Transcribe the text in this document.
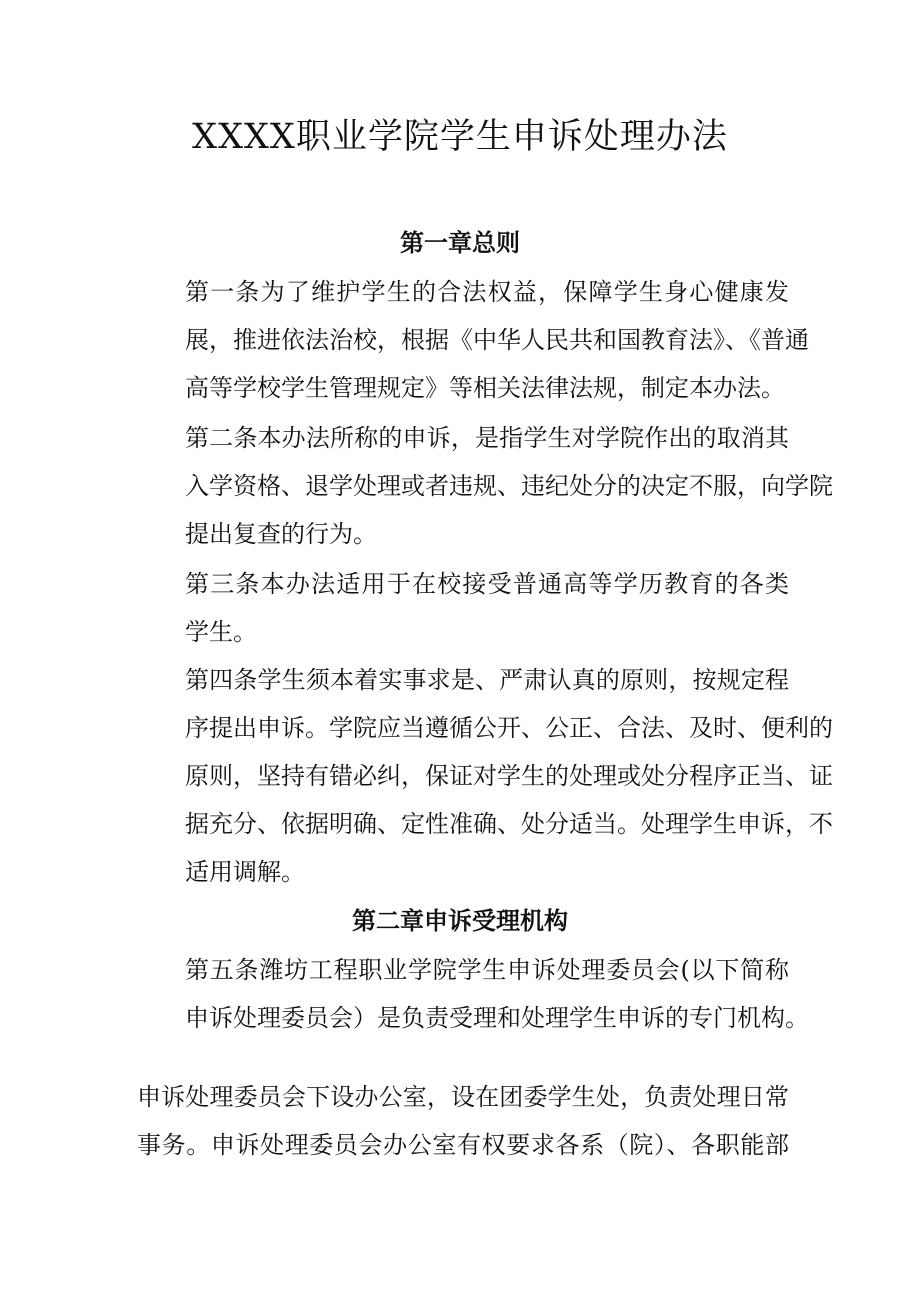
XXXX职业学院学生申诉处理办法
第一章总则
第一条为了维护学生的合法权益，保障学生身心健康发
展，推进依法治校，根据《中华人民共和国教育法》、《普通
高等学校学生管理规定》等相关法律法规，制定本办法。
第二条本办法所称的申诉，是指学生对学院作出的取消其
入学资格、退学处理或者违规、违纪处分的决定不服，向学院
提出复查的行为。
第三条本办法适用于在校接受普通高等学历教育的各类
学生。
第四条学生须本着实事求是、严肃认真的原则，按规定程
序提出申诉。学院应当遵循公开、公正、合法、及时、便利的
原则，坚持有错必纠，保证对学生的处理或处分程序正当、证
据充分、依据明确、定性准确、处分适当。处理学生申诉，不
适用调解。
第二章申诉受理机构
第五条潍坊工程职业学院学生申诉处理委员会(以下简称
申诉处理委员会）是负责受理和处理学生申诉的专门机构。
申诉处理委员会下设办公室，设在团委学生处，负责处理日常
事务。申诉处理委员会办公室有权要求各系（院）、各职能部
